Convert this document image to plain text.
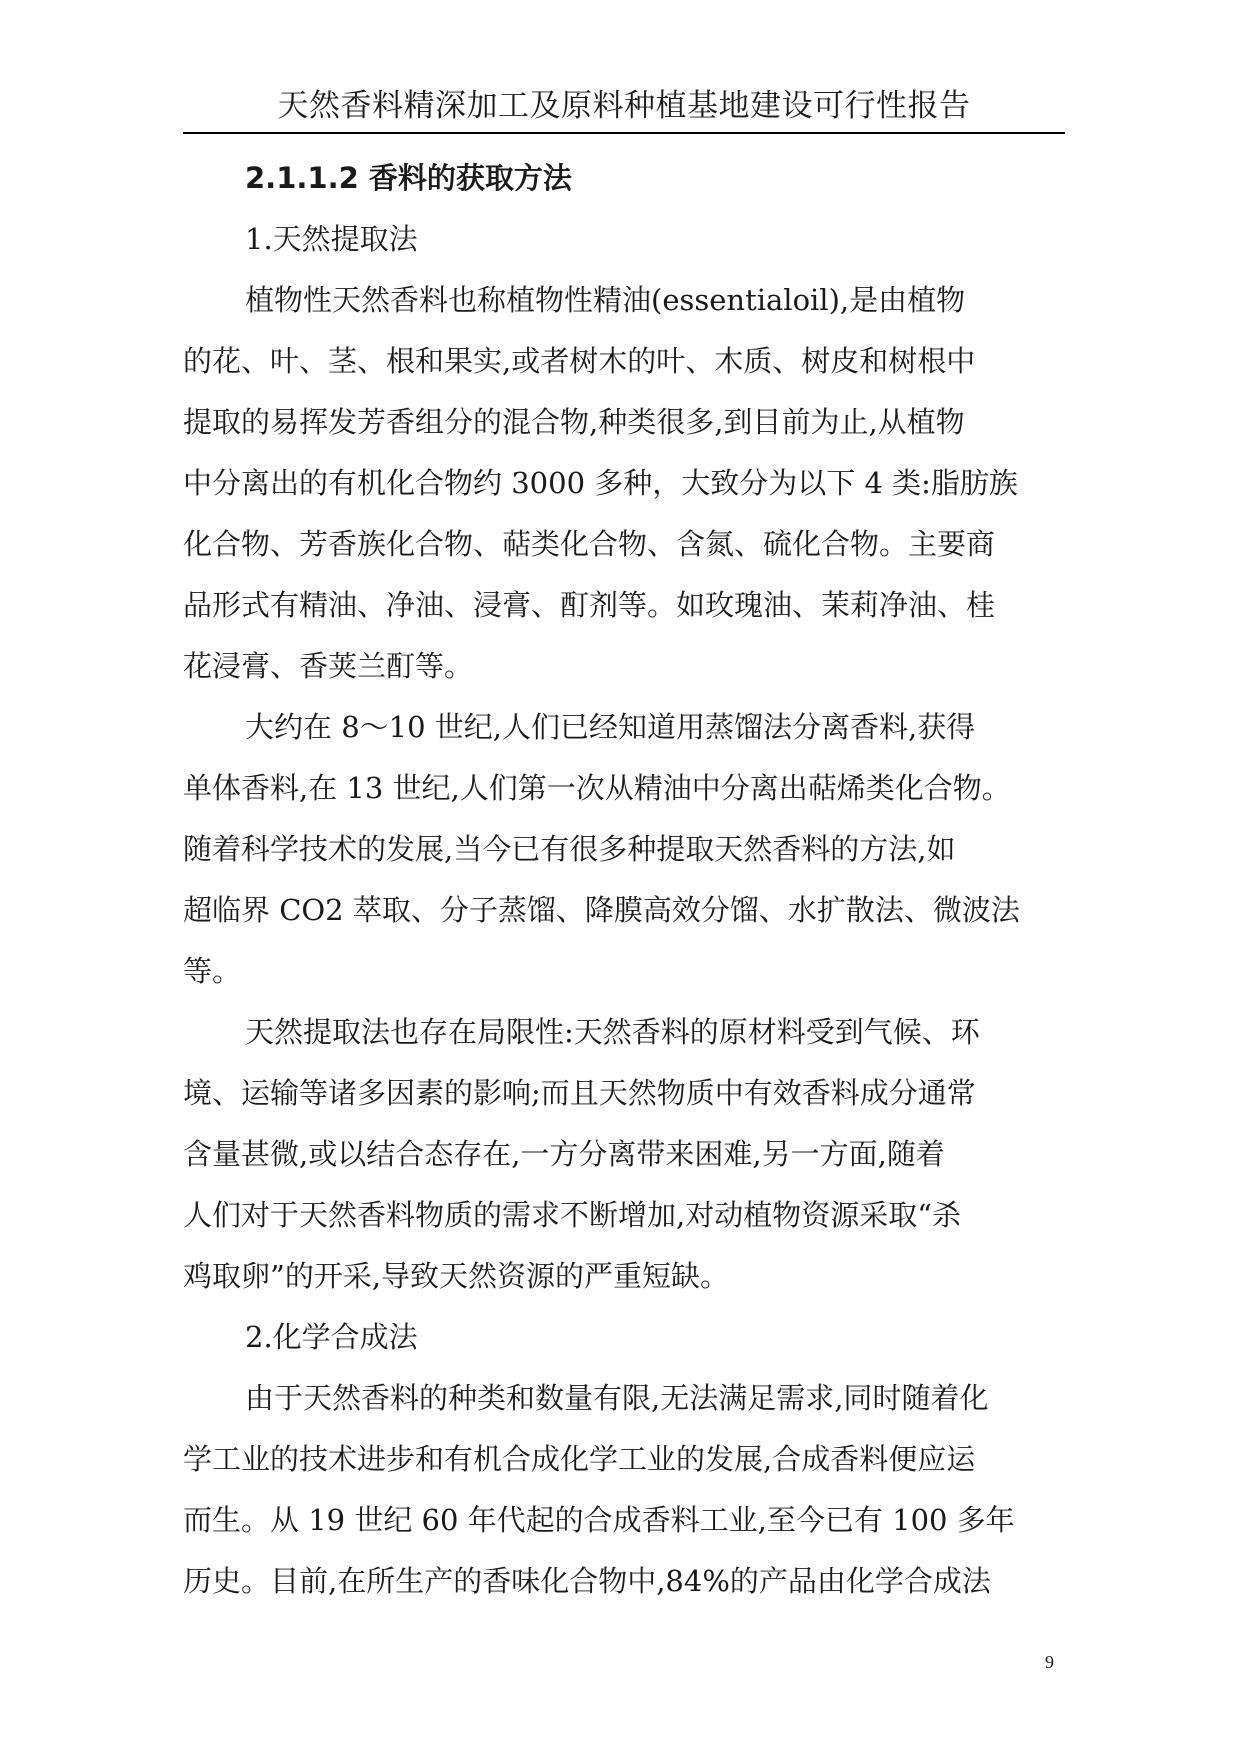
天然香料精深加工及原料种植基地建设可行性报告
2.1.1.2 香料的获取方法
1.天然提取法
植物性天然香料也称植物性精油(essentialoil),是由植物
的花、叶、茎、根和果实,或者树木的叶、木质、树皮和树根中
提取的易挥发芳香组分的混合物,种类很多,到目前为止,从植物
中分离出的有机化合物约 3000 多种，大致分为以下 4 类:脂肪族
化合物、芳香族化合物、萜类化合物、含氮、硫化合物。主要商
品形式有精油、净油、浸膏、酊剂等。如玫瑰油、茉莉净油、桂
花浸膏、香荚兰酊等。
大约在 8～10 世纪,人们已经知道用蒸馏法分离香料,获得
单体香料,在 13 世纪,人们第一次从精油中分离出萜烯类化合物。
随着科学技术的发展,当今已有很多种提取天然香料的方法,如
超临界 CO2 萃取、分子蒸馏、降膜高效分馏、水扩散法、微波法
等。
天然提取法也存在局限性:天然香料的原材料受到气候、环
境、运输等诸多因素的影响;而且天然物质中有效香料成分通常
含量甚微,或以结合态存在,一方分离带来困难,另一方面,随着
人们对于天然香料物质的需求不断增加,对动植物资源采取“杀
鸡取卵”的开采,导致天然资源的严重短缺。
2.化学合成法
由于天然香料的种类和数量有限,无法满足需求,同时随着化
学工业的技术进步和有机合成化学工业的发展,合成香料便应运
而生。从 19 世纪 60 年代起的合成香料工业,至今已有 100 多年
历史。目前,在所生产的香味化合物中,84%的产品由化学合成法
9
